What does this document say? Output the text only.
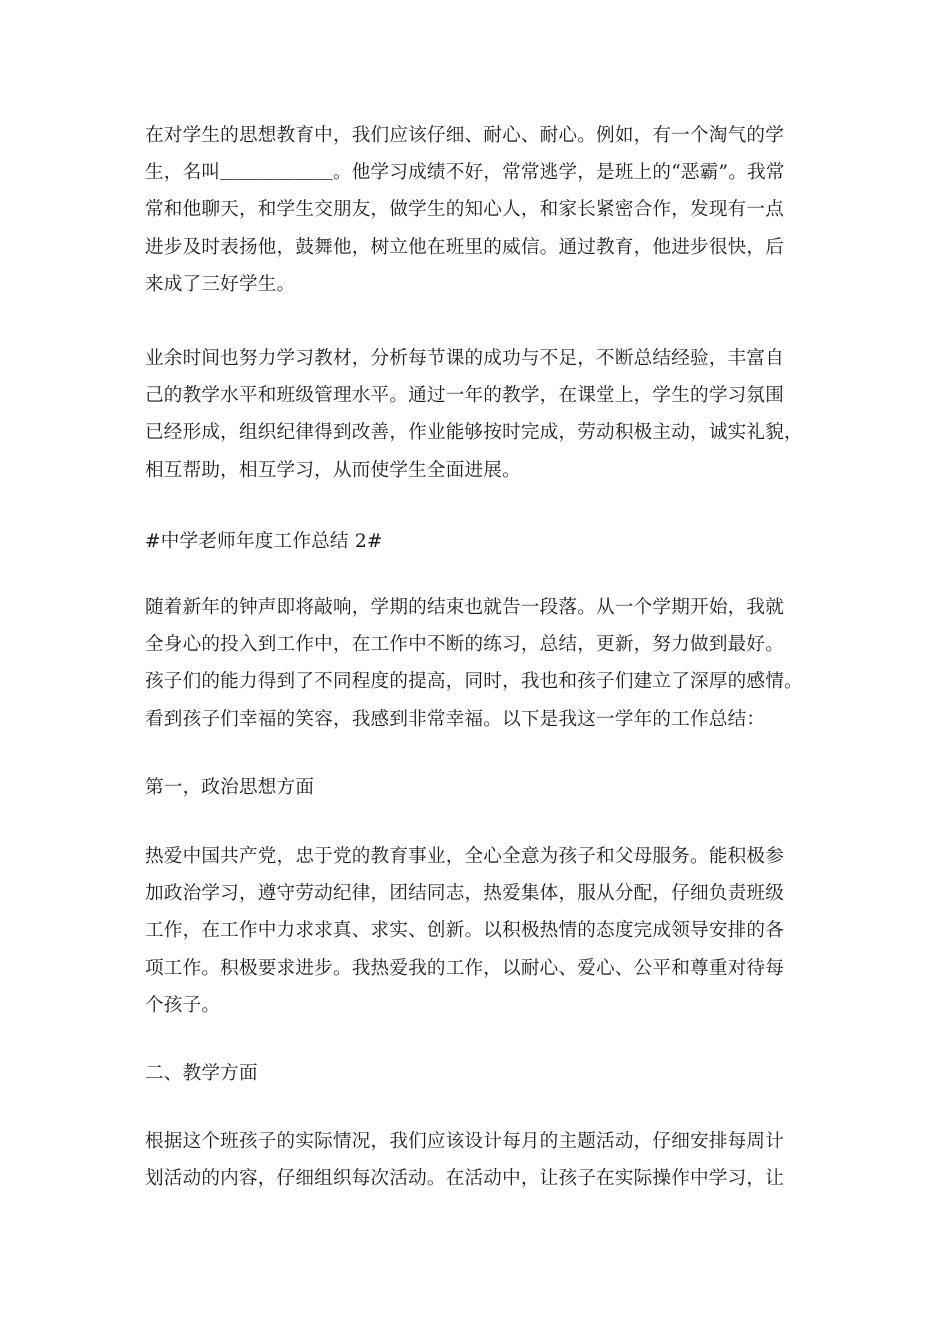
在对学生的思想教育中，我们应该仔细、耐心、耐心。例如，有一个淘气的学
生，名叫＿＿＿＿＿＿。他学习成绩不好，常常逃学，是班上的“恶霸”。我常
常和他聊天，和学生交朋友，做学生的知心人，和家长紧密合作，发现有一点
进步及时表扬他，鼓舞他，树立他在班里的威信。通过教育，他进步很快，后
来成了三好学生。

业余时间也努力学习教材，分析每节课的成功与不足，不断总结经验，丰富自
己的教学水平和班级管理水平。通过一年的教学，在课堂上，学生的学习氛围
已经形成，组织纪律得到改善，作业能够按时完成，劳动积极主动，诚实礼貌，
相互帮助，相互学习，从而使学生全面进展。

#中学老师年度工作总结 2#

随着新年的钟声即将敲响，学期的结束也就告一段落。从一个学期开始，我就
全身心的投入到工作中，在工作中不断的练习，总结，更新，努力做到最好。
孩子们的能力得到了不同程度的提高，同时，我也和孩子们建立了深厚的感情。
看到孩子们幸福的笑容，我感到非常幸福。以下是我这一学年的工作总结：

第一，政治思想方面

热爱中国共产党，忠于党的教育事业，全心全意为孩子和父母服务。能积极参
加政治学习，遵守劳动纪律，团结同志，热爱集体，服从分配，仔细负责班级
工作，在工作中力求求真、求实、创新。以积极热情的态度完成领导安排的各
项工作。积极要求进步。我热爱我的工作，以耐心、爱心、公平和尊重对待每
个孩子。

二、教学方面

根据这个班孩子的实际情况，我们应该设计每月的主题活动，仔细安排每周计
划活动的内容，仔细组织每次活动。在活动中，让孩子在实际操作中学习，让
